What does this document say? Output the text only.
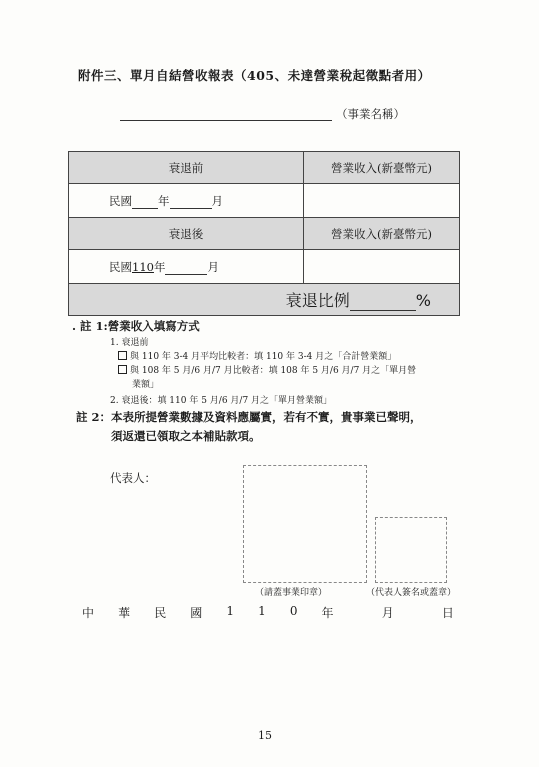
附件三、單月自結營收報表（405、未達營業稅起徵點者用）
（事業名稱）
衰退前	營業收入(新臺幣元)
民國 年 月	
衰退後	營業收入(新臺幣元)
民國110年 月	
衰退比例 %	
. 註 1:營業收入填寫方式
1. 衰退前
與 110 年 3-4 月平均比較者：填 110 年 3-4 月之「合計營業額」
與 108 年 5 月/6 月/7 月比較者：填 108 年 5 月/6 月/7 月之「單月營
業額」
2. 衰退後：填 110 年 5 月/6 月/7 月之「單月營業額」
註 2：本表所提營業數據及資料應屬實，若有不實，貴事業已聲明，
須返還已領取之本補貼款項。
代表人：
（請蓋事業印章）	（代表人簽名或蓋章）
中 華 民 國 1 1 0 年	月	日
15
